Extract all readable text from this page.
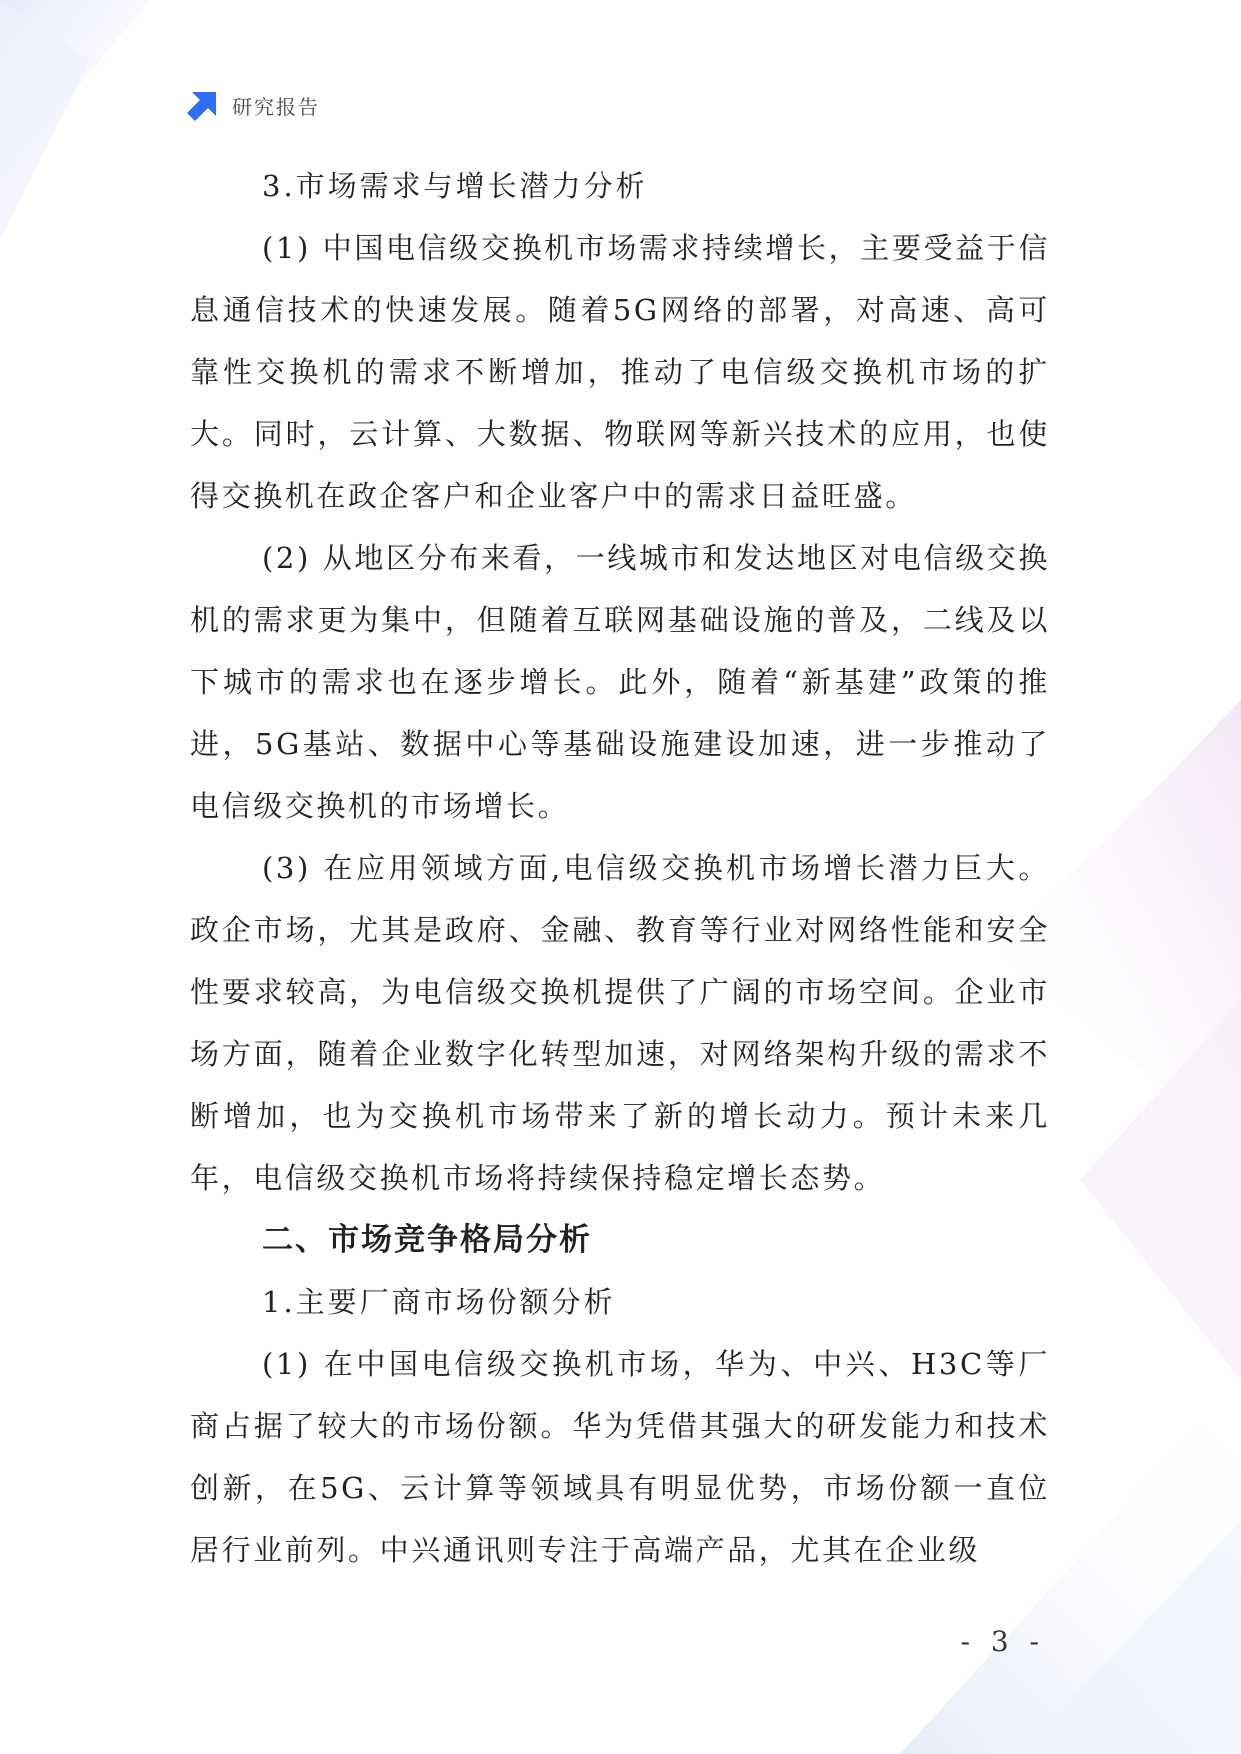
研究报告
3.市场需求与增长潜力分析

(1) 中国电信级交换机市场需求持续增长，主要受益于信息通信技术的快速发展。随着5G网络的部署，对高速、高可靠性交换机的需求不断增加，推动了电信级交换机市场的扩大。同时，云计算、大数据、物联网等新兴技术的应用，也使得交换机在政企客户和企业客户中的需求日益旺盛。

(2) 从地区分布来看，一线城市和发达地区对电信级交换机的需求更为集中，但随着互联网基础设施的普及，二线及以下城市的需求也在逐步增长。此外，随着“新基建”政策的推进，5G基站、数据中心等基础设施建设加速，进一步推动了电信级交换机的市场增长。

(3) 在应用领域方面,电信级交换机市场增长潜力巨大。政企市场，尤其是政府、金融、教育等行业对网络性能和安全性要求较高，为电信级交换机提供了广阔的市场空间。企业市场方面，随着企业数字化转型加速，对网络架构升级的需求不断增加，也为交换机市场带来了新的增长动力。预计未来几年，电信级交换机市场将持续保持稳定增长态势。

二、市场竞争格局分析
1.主要厂商市场份额分析

(1) 在中国电信级交换机市场，华为、中兴、H3C等厂商占据了较大的市场份额。华为凭借其强大的研发能力和技术创新，在5G、云计算等领域具有明显优势，市场份额一直位居行业前列。中兴通讯则专注于高端产品，尤其在企业级

- 3 -
